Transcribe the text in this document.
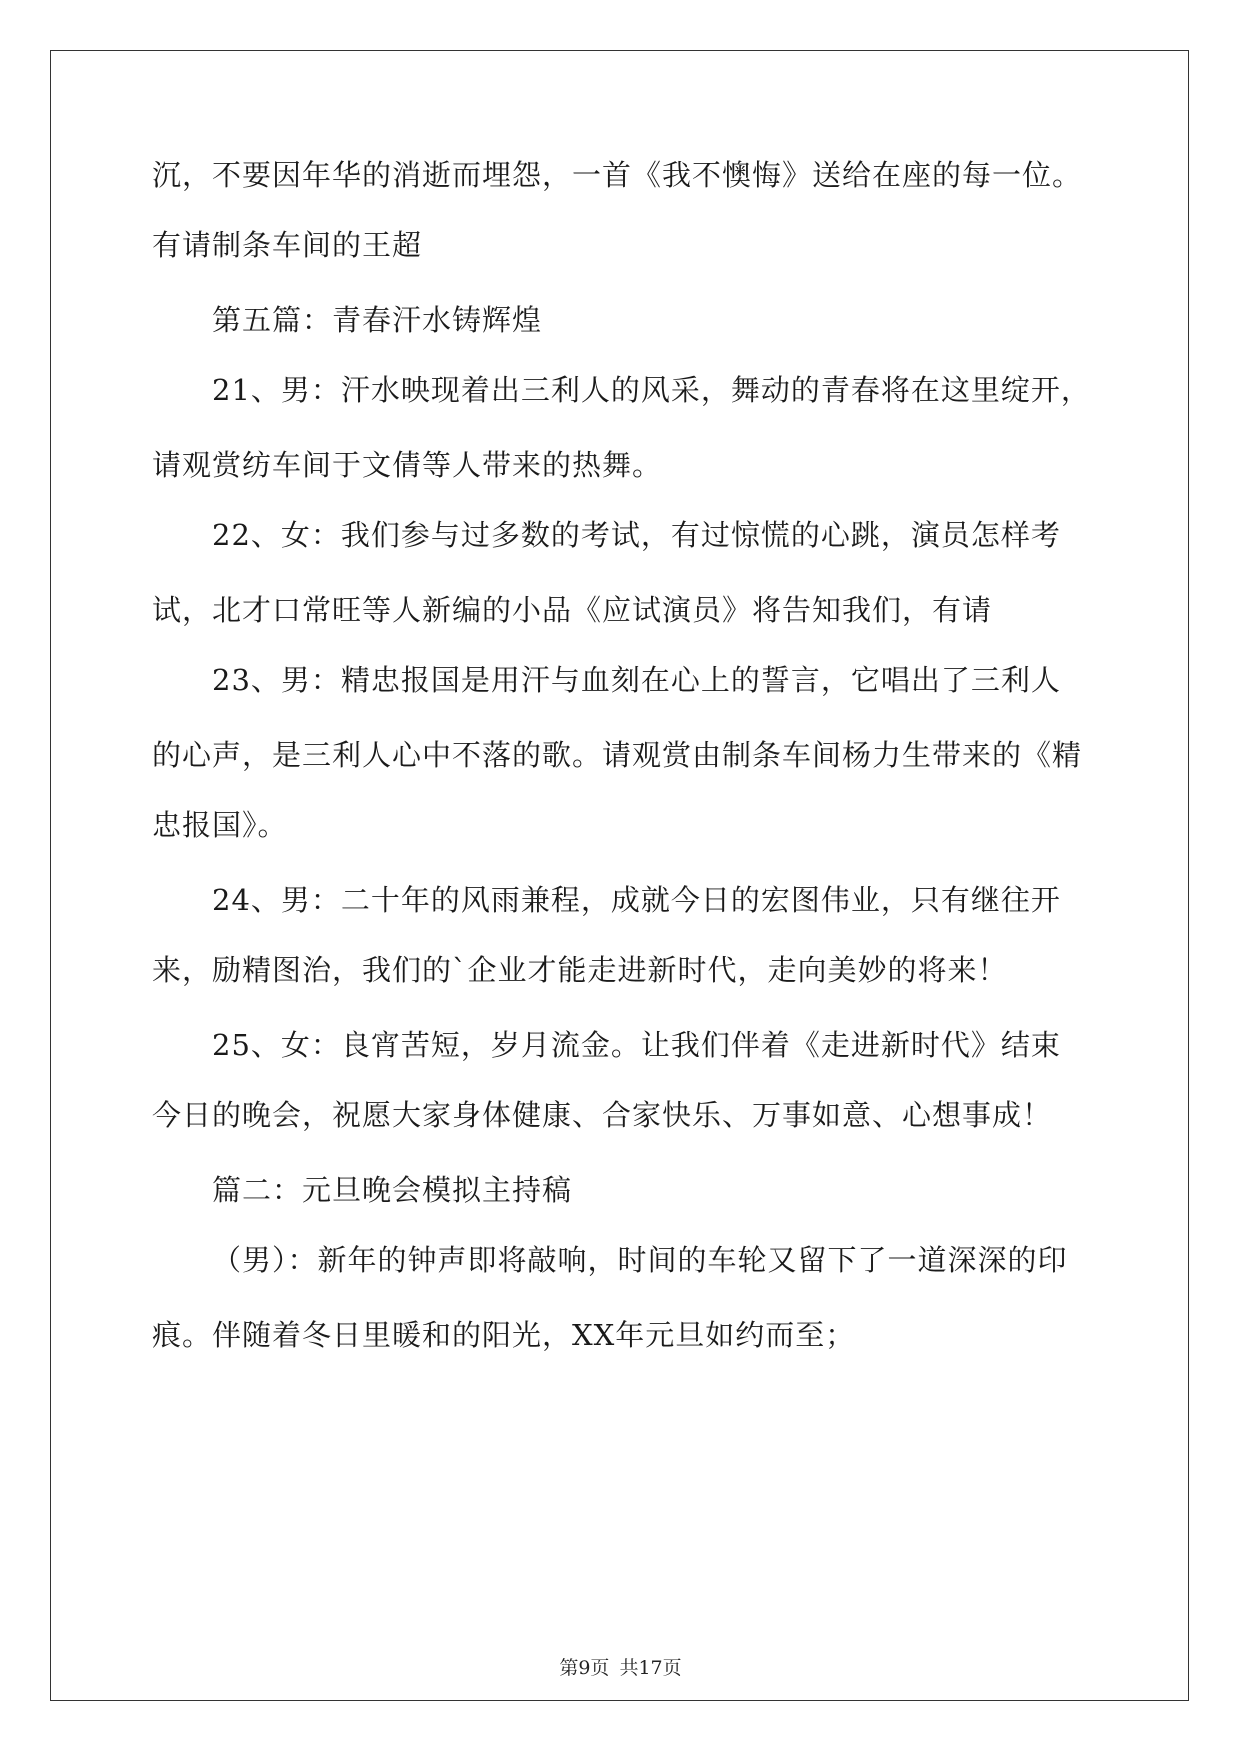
沉，不要因年华的消逝而埋怨，一首《我不懊悔》送给在座的每一位。
有请制条车间的王超
第五篇：青春汗水铸辉煌
21、男：汗水映现着出三利人的风采，舞动的青春将在这里绽开，
请观赏纺车间于文倩等人带来的热舞。
22、女：我们参与过多数的考试，有过惊慌的心跳，演员怎样考
试，北才口常旺等人新编的小品《应试演员》将告知我们，有请
23、男：精忠报国是用汗与血刻在心上的誓言，它唱出了三利人
的心声，是三利人心中不落的歌。请观赏由制条车间杨力生带来的《精
忠报国》。
24、男：二十年的风雨兼程，成就今日的宏图伟业，只有继往开
来，励精图治，我们的`企业才能走进新时代，走向美妙的将来！
25、女：良宵苦短，岁月流金。让我们伴着《走进新时代》结束
今日的晚会，祝愿大家身体健康、合家快乐、万事如意、心想事成！
篇二：元旦晚会模拟主持稿
（男）：新年的钟声即将敲响，时间的车轮又留下了一道深深的印
痕。伴随着冬日里暖和的阳光，XX年元旦如约而至；
第9页 共17页
